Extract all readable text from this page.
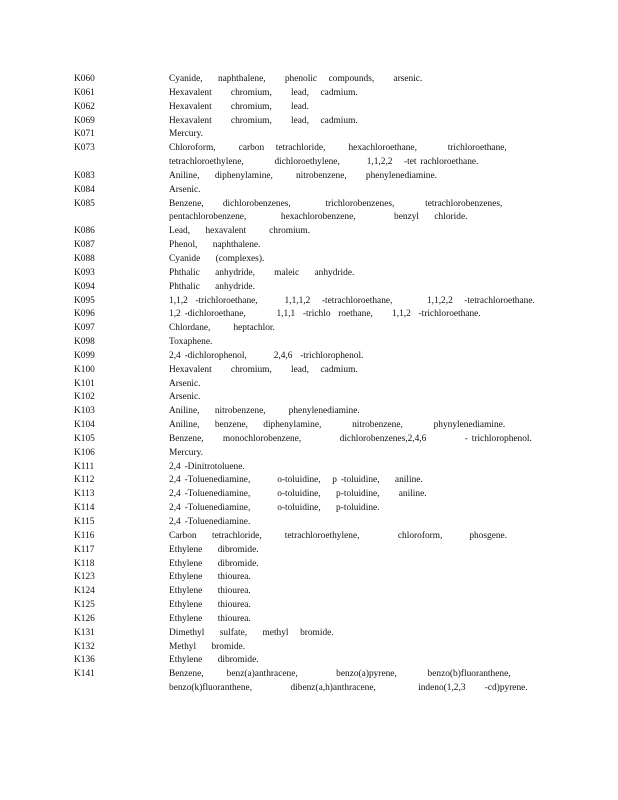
K060	Cyanide,    naphthalene,     phenolic   compounds,     arsenic.
K061	Hexavalent     chromium,     lead,   cadmium.
K062	Hexavalent     chromium,     lead.
K069	Hexavalent     chromium,     lead,   cadmium.
K071	Mercury.
K073	Chloroform,      carbon   tetrachloride,      hexachloroethane,        trichloroethane,
tetrachloroethylene,        dichloroethylene,       1,1,2,2   -tet rachloroethane.
K083	Aniline,    diphenylamine,      nitrobenzene,     phenylenediamine.
K084	Arsenic.
K085	Benzene,     dichlorobenzenes,         trichlorobenzenes,        tetrachlorobenzenes,
pentachlorobenzene,         hexachlorobenzene,          benzyl    chloride.
K086	Lead,    hexavalent      chromium.
K087	Phenol,    naphthalene.
K088	Cyanide    (complexes).
K093	Phthalic    anhydride,     maleic    anhydride.
K094	Phthalic    anhydride.
K095	1,1,2  -trichloroethane,       1,1,1,2   -tetrachloroethane,         1,1,2,2   -tetrachloroethane.
K096	1,2 -dichloroethane,        1,1,1  -trichlo  roethane,     1,1,2  -trichloroethane.
K097	Chlordane,      heptachlor.
K098	Toxaphene.
K099	2,4 -dichlorophenol,       2,4,6  -trichlorophenol.
K100	Hexavalent     chromium,     lead,   cadmium.
K101	Arsenic.
K102	Arsenic.
K103	Aniline,    nitrobenzene,      phenylenediamine.
K104	Aniline,    benzene,    diphenylamine,        nitrobenzene,        phynylenediamine.
K105	Benzene,     monochlorobenzene,          dichlorobenzenes,2,4,6          - trichlorophenol.
K106	Mercury.
K111	2,4 -Dinitrotoluene.
K112	2,4 -Toluenediamine,       o-toluidine,   p -toluidine,    aniline.
K113	2,4 -Toluenediamine,       o-toluidine,    p-toluidine,     aniline.
K114	2,4 -Toluenediamine,       o-toluidine,    p-toluidine.
K115	2,4 -Toluenediamine.
K116	Carbon    tetrachloride,      tetrachloroethylene,          chloroform,       phosgene.
K117	Ethylene    dibromide.
K118	Ethylene    dibromide.
K123	Ethylene    thiourea.
K124	Ethylene    thiourea.
K125	Ethylene    thiourea.
K126	Ethylene    thiourea.
K131	Dimethyl    sulfate,    methyl   bromide.
K132	Methyl    bromide.
K136	Ethylene    dibromide.
K141	Benzene,      benz(a)anthracene,          benzo(a)pyrene,        benzo(b)fluoranthene,
benzo(k)fluoranthene,          dibenz(a,h)anthracene,           indeno(1,2,3     -cd)pyrene.
